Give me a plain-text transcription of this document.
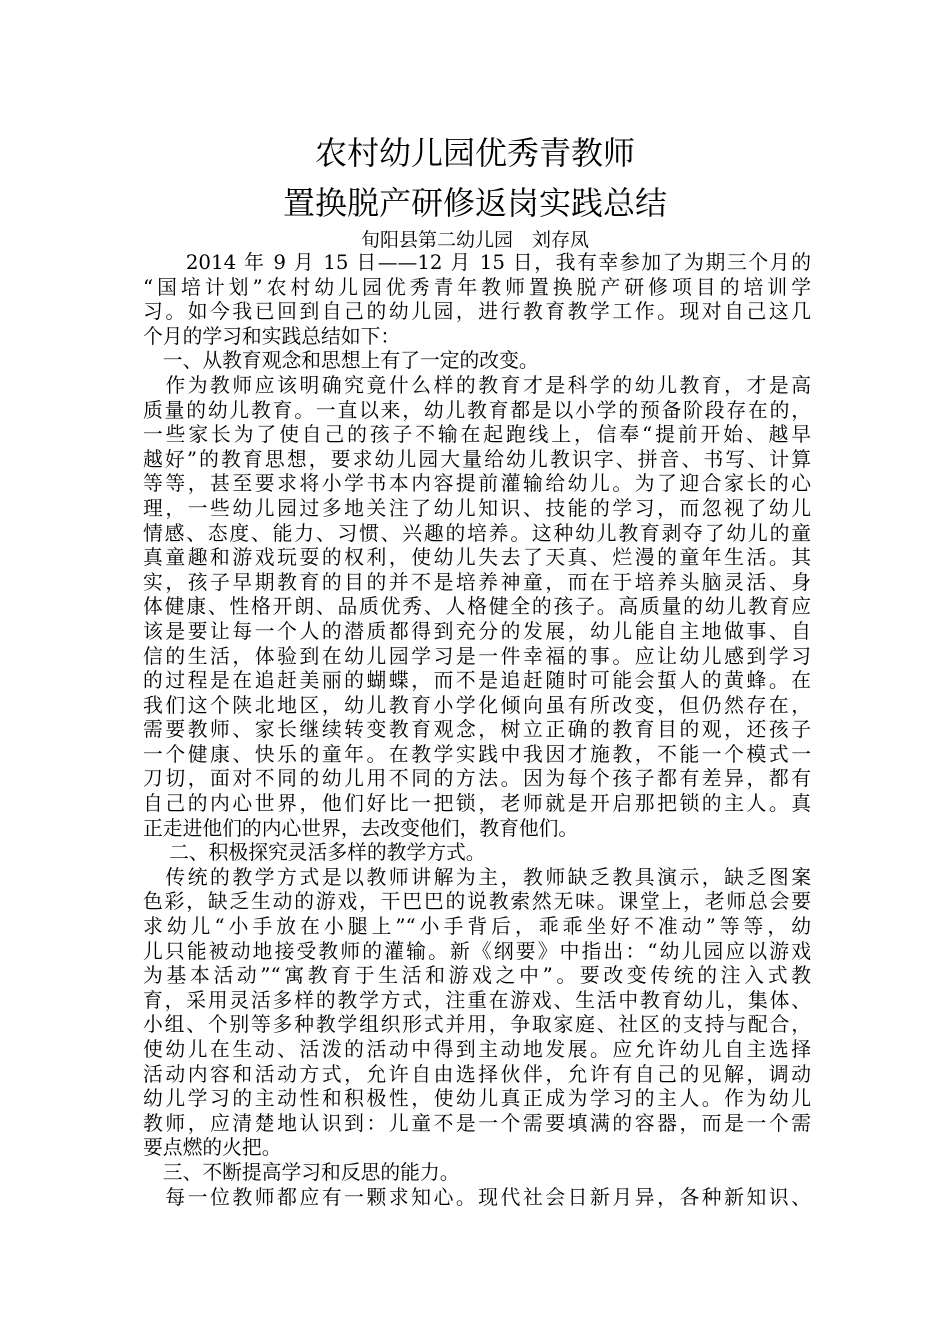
农村幼儿园优秀青教师
置换脱产研修返岗实践总结
旬阳县第二幼儿园　刘存凤
　　2014 年 9 月 15 日——12 月 15 日，我有幸参加了为期三个月的
“国培计划”农村幼儿园优秀青年教师置换脱产研修项目的培训学
习。如今我已回到自己的幼儿园，进行教育教学工作。现对自己这几
个月的学习和实践总结如下：
　一、从教育观念和思想上有了一定的改变。
　作为教师应该明确究竟什么样的教育才是科学的幼儿教育，才是高
质量的幼儿教育。一直以来，幼儿教育都是以小学的预备阶段存在的，
一些家长为了使自己的孩子不输在起跑线上，信奉“提前开始、越早
越好”的教育思想，要求幼儿园大量给幼儿教识字、拼音、书写、计算
等等，甚至要求将小学书本内容提前灌输给幼儿。为了迎合家长的心
理，一些幼儿园过多地关注了幼儿知识、技能的学习，而忽视了幼儿
情感、态度、能力、习惯、兴趣的培养。这种幼儿教育剥夺了幼儿的童
真童趣和游戏玩耍的权利，使幼儿失去了天真、烂漫的童年生活。其
实，孩子早期教育的目的并不是培养神童，而在于培养头脑灵活、身
体健康、性格开朗、品质优秀、人格健全的孩子。高质量的幼儿教育应
该是要让每一个人的潜质都得到充分的发展，幼儿能自主地做事、自
信的生活，体验到在幼儿园学习是一件幸福的事。应让幼儿感到学习
的过程是在追赶美丽的蝴蝶，而不是追赶随时可能会蜇人的黄蜂。在
我们这个陕北地区，幼儿教育小学化倾向虽有所改变，但仍然存在，
需要教师、家长继续转变教育观念，树立正确的教育目的观，还孩子
一个健康、快乐的童年。在教学实践中我因才施教，不能一个模式一
刀切，面对不同的幼儿用不同的方法。因为每个孩子都有差异，都有
自己的内心世界，他们好比一把锁，老师就是开启那把锁的主人。真
正走进他们的内心世界，去改变他们，教育他们。
　 二、积极探究灵活多样的教学方式。
　传统的教学方式是以教师讲解为主，教师缺乏教具演示，缺乏图案
色彩，缺乏生动的游戏，干巴巴的说教索然无味。课堂上，老师总会要
求幼儿“小手放在小腿上”“小手背后，乖乖坐好不准动”等等，幼
儿只能被动地接受教师的灌输。新《纲要》中指出：“幼儿园应以游戏
为基本活动”“寓教育于生活和游戏之中”。要改变传统的注入式教
育，采用灵活多样的教学方式，注重在游戏、生活中教育幼儿，集体、
小组、个别等多种教学组织形式并用，争取家庭、社区的支持与配合，
使幼儿在生动、活泼的活动中得到主动地发展。应允许幼儿自主选择
活动内容和活动方式，允许自由选择伙伴，允许有自己的见解，调动
幼儿学习的主动性和积极性，使幼儿真正成为学习的主人。作为幼儿
教师，应清楚地认识到：儿童不是一个需要填满的容器，而是一个需
要点燃的火把。
　三、不断提高学习和反思的能力。
　每一位教师都应有一颗求知心。现代社会日新月异，各种新知识、
